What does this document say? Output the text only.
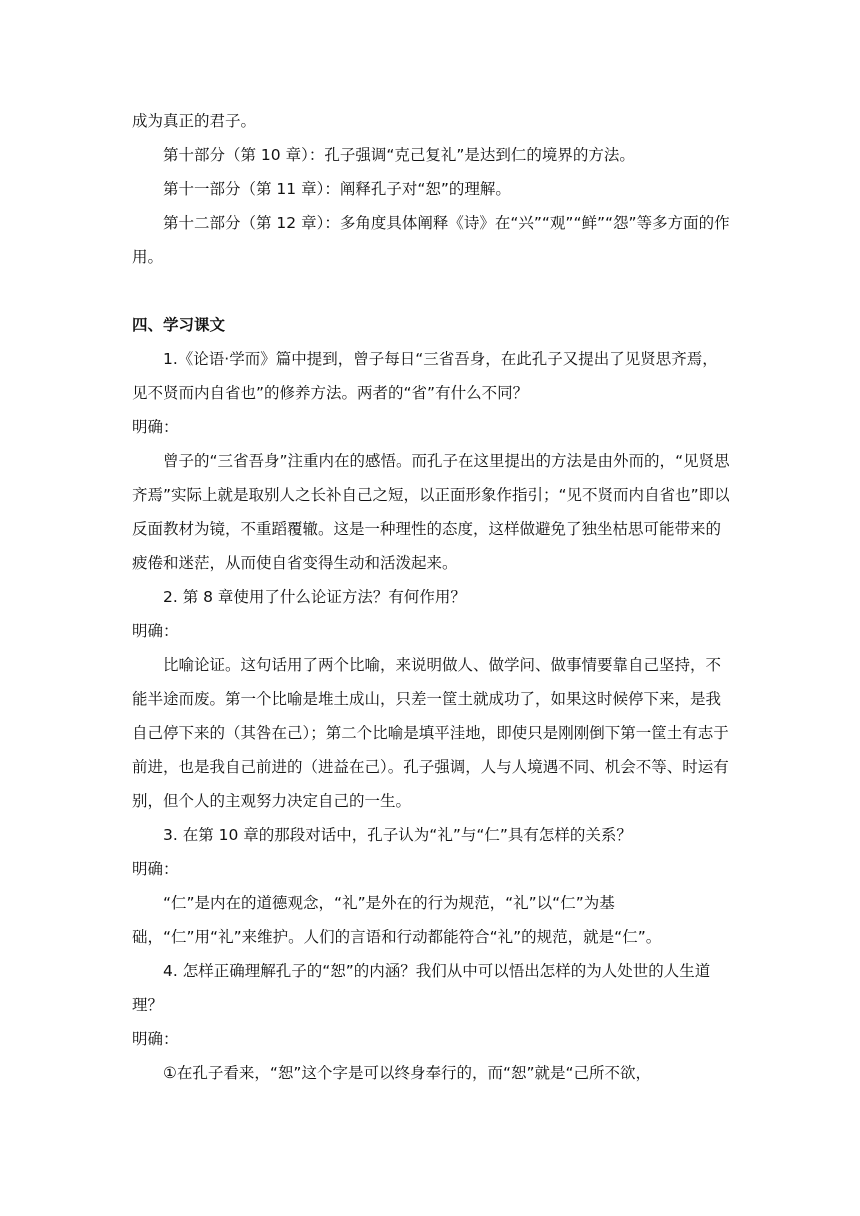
成为真正的君子。

第十部分（第 10 章）：孔子强调“克己复礼”是达到仁的境界的方法。

第十一部分（第 11 章）：阐释孔子对“恕”的理解。

第十二部分（第 12 章）：多角度具体阐释《诗》在“兴”“观”“鲜”“怨”等多方面的作用。

四、学习课文

1.《论语·学而》篇中提到，曾子每日“三省吾身，在此孔子又提出了见贤思齐焉，见不贤而内自省也”的修养方法。两者的“省”有什么不同？

明确：

曾子的“三省吾身”注重内在的感悟。而孔子在这里提出的方法是由外而的，“见贤思齐焉”实际上就是取别人之长补自己之短，以正面形象作指引；“见不贤而内自省也”即以反面教材为镜，不重蹈覆辙。这是一种理性的态度，这样做避免了独坐枯思可能带来的疲倦和迷茫，从而使自省变得生动和活泼起来。

2. 第 8 章使用了什么论证方法？有何作用？

明确：

比喻论证。这句话用了两个比喻，来说明做人、做学问、做事情要靠自己坚持，不能半途而废。第一个比喻是堆土成山，只差一筐土就成功了，如果这时候停下来，是我自己停下来的（其咎在己）；第二个比喻是填平洼地，即使只是刚刚倒下第一筐土有志于前进，也是我自己前进的（进益在己）。孔子强调，人与人境遇不同、机会不等、时运有别，但个人的主观努力决定自己的一生。

3. 在第 10 章的那段对话中，孔子认为“礼”与“仁”具有怎样的关系？

明确：

“仁”是内在的道德观念，“礼”是外在的行为规范，“礼”以“仁”为基础，“仁”用“礼”来维护。人们的言语和行动都能符合“礼”的规范，就是“仁”。

4. 怎样正确理解孔子的“恕”的内涵？我们从中可以悟出怎样的为人处世的人生道理？

明确：

①在孔子看来，“恕”这个字是可以终身奉行的，而“恕”就是“己所不欲，
